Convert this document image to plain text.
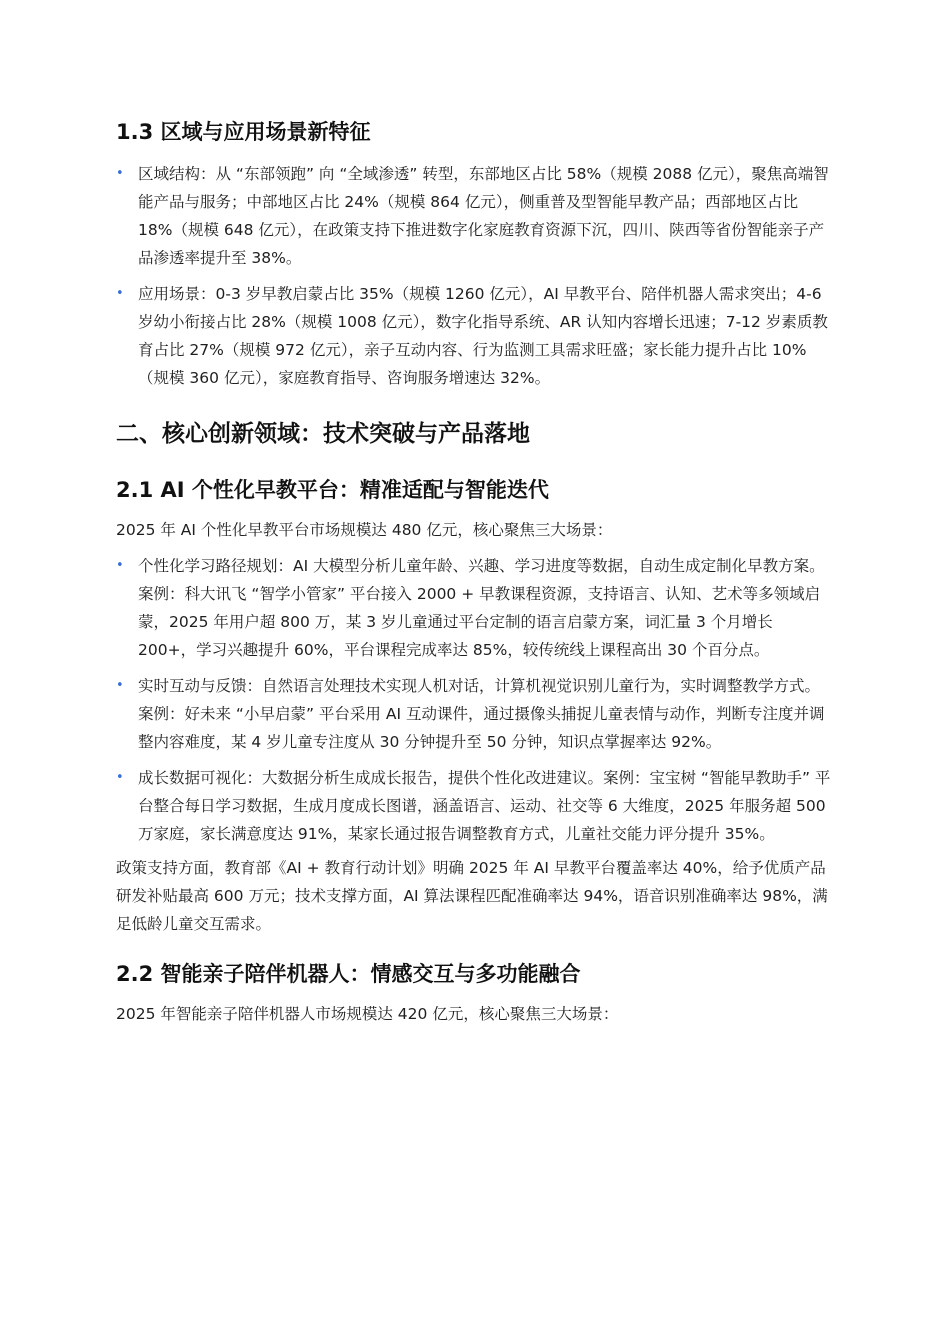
1.3 区域与应用场景新特征
• 区域结构：从 “东部领跑” 向 “全域渗透” 转型，东部地区占比 58%（规模 2088 亿元），聚焦高端智能产品与服务；中部地区占比 24%（规模 864 亿元），侧重普及型智能早教产品；西部地区占比 18%（规模 648 亿元），在政策支持下推进数字化家庭教育资源下沉，四川、陕西等省份智能亲子产品渗透率提升至 38%。
• 应用场景：0-3 岁早教启蒙占比 35%（规模 1260 亿元），AI 早教平台、陪伴机器人需求突出；4-6 岁幼小衔接占比 28%（规模 1008 亿元），数字化指导系统、AR 认知内容增长迅速；7-12 岁素质教育占比 27%（规模 972 亿元），亲子互动内容、行为监测工具需求旺盛；家长能力提升占比 10%（规模 360 亿元），家庭教育指导、咨询服务增速达 32%。
二、核心创新领域：技术突破与产品落地
2.1 AI 个性化早教平台：精准适配与智能迭代

2025 年 AI 个性化早教平台市场规模达 480 亿元，核心聚焦三大场景：

• 个性化学习路径规划：AI 大模型分析儿童年龄、兴趣、学习进度等数据，自动生成定制化早教方案。案例：科大讯飞 “智学小管家” 平台接入 2000 + 早教课程资源，支持语言、认知、艺术等多领域启蒙，2025 年用户超 800 万，某 3 岁儿童通过平台定制的语言启蒙方案，词汇量 3 个月增长 200+，学习兴趣提升 60%，平台课程完成率达 85%，较传统线上课程高出 30 个百分点。
• 实时互动与反馈：自然语言处理技术实现人机对话，计算机视觉识别儿童行为，实时调整教学方式。案例：好未来 “小早启蒙” 平台采用 AI 互动课件，通过摄像头捕捉儿童表情与动作，判断专注度并调整内容难度，某 4 岁儿童专注度从 30 分钟提升至 50 分钟，知识点掌握率达 92%。
• 成长数据可视化：大数据分析生成成长报告，提供个性化改进建议。案例：宝宝树 “智能早教助手” 平台整合每日学习数据，生成月度成长图谱，涵盖语言、运动、社交等 6 大维度，2025 年服务超 500 万家庭，家长满意度达 91%，某家长通过报告调整教育方式，儿童社交能力评分提升 35%。

政策支持方面，教育部《AI + 教育行动计划》明确 2025 年 AI 早教平台覆盖率达 40%，给予优质产品研发补贴最高 600 万元；技术支撑方面，AI 算法课程匹配准确率达 94%，语音识别准确率达 98%，满足低龄儿童交互需求。

2.2 智能亲子陪伴机器人：情感交互与多功能融合

2025 年智能亲子陪伴机器人市场规模达 420 亿元，核心聚焦三大场景：
